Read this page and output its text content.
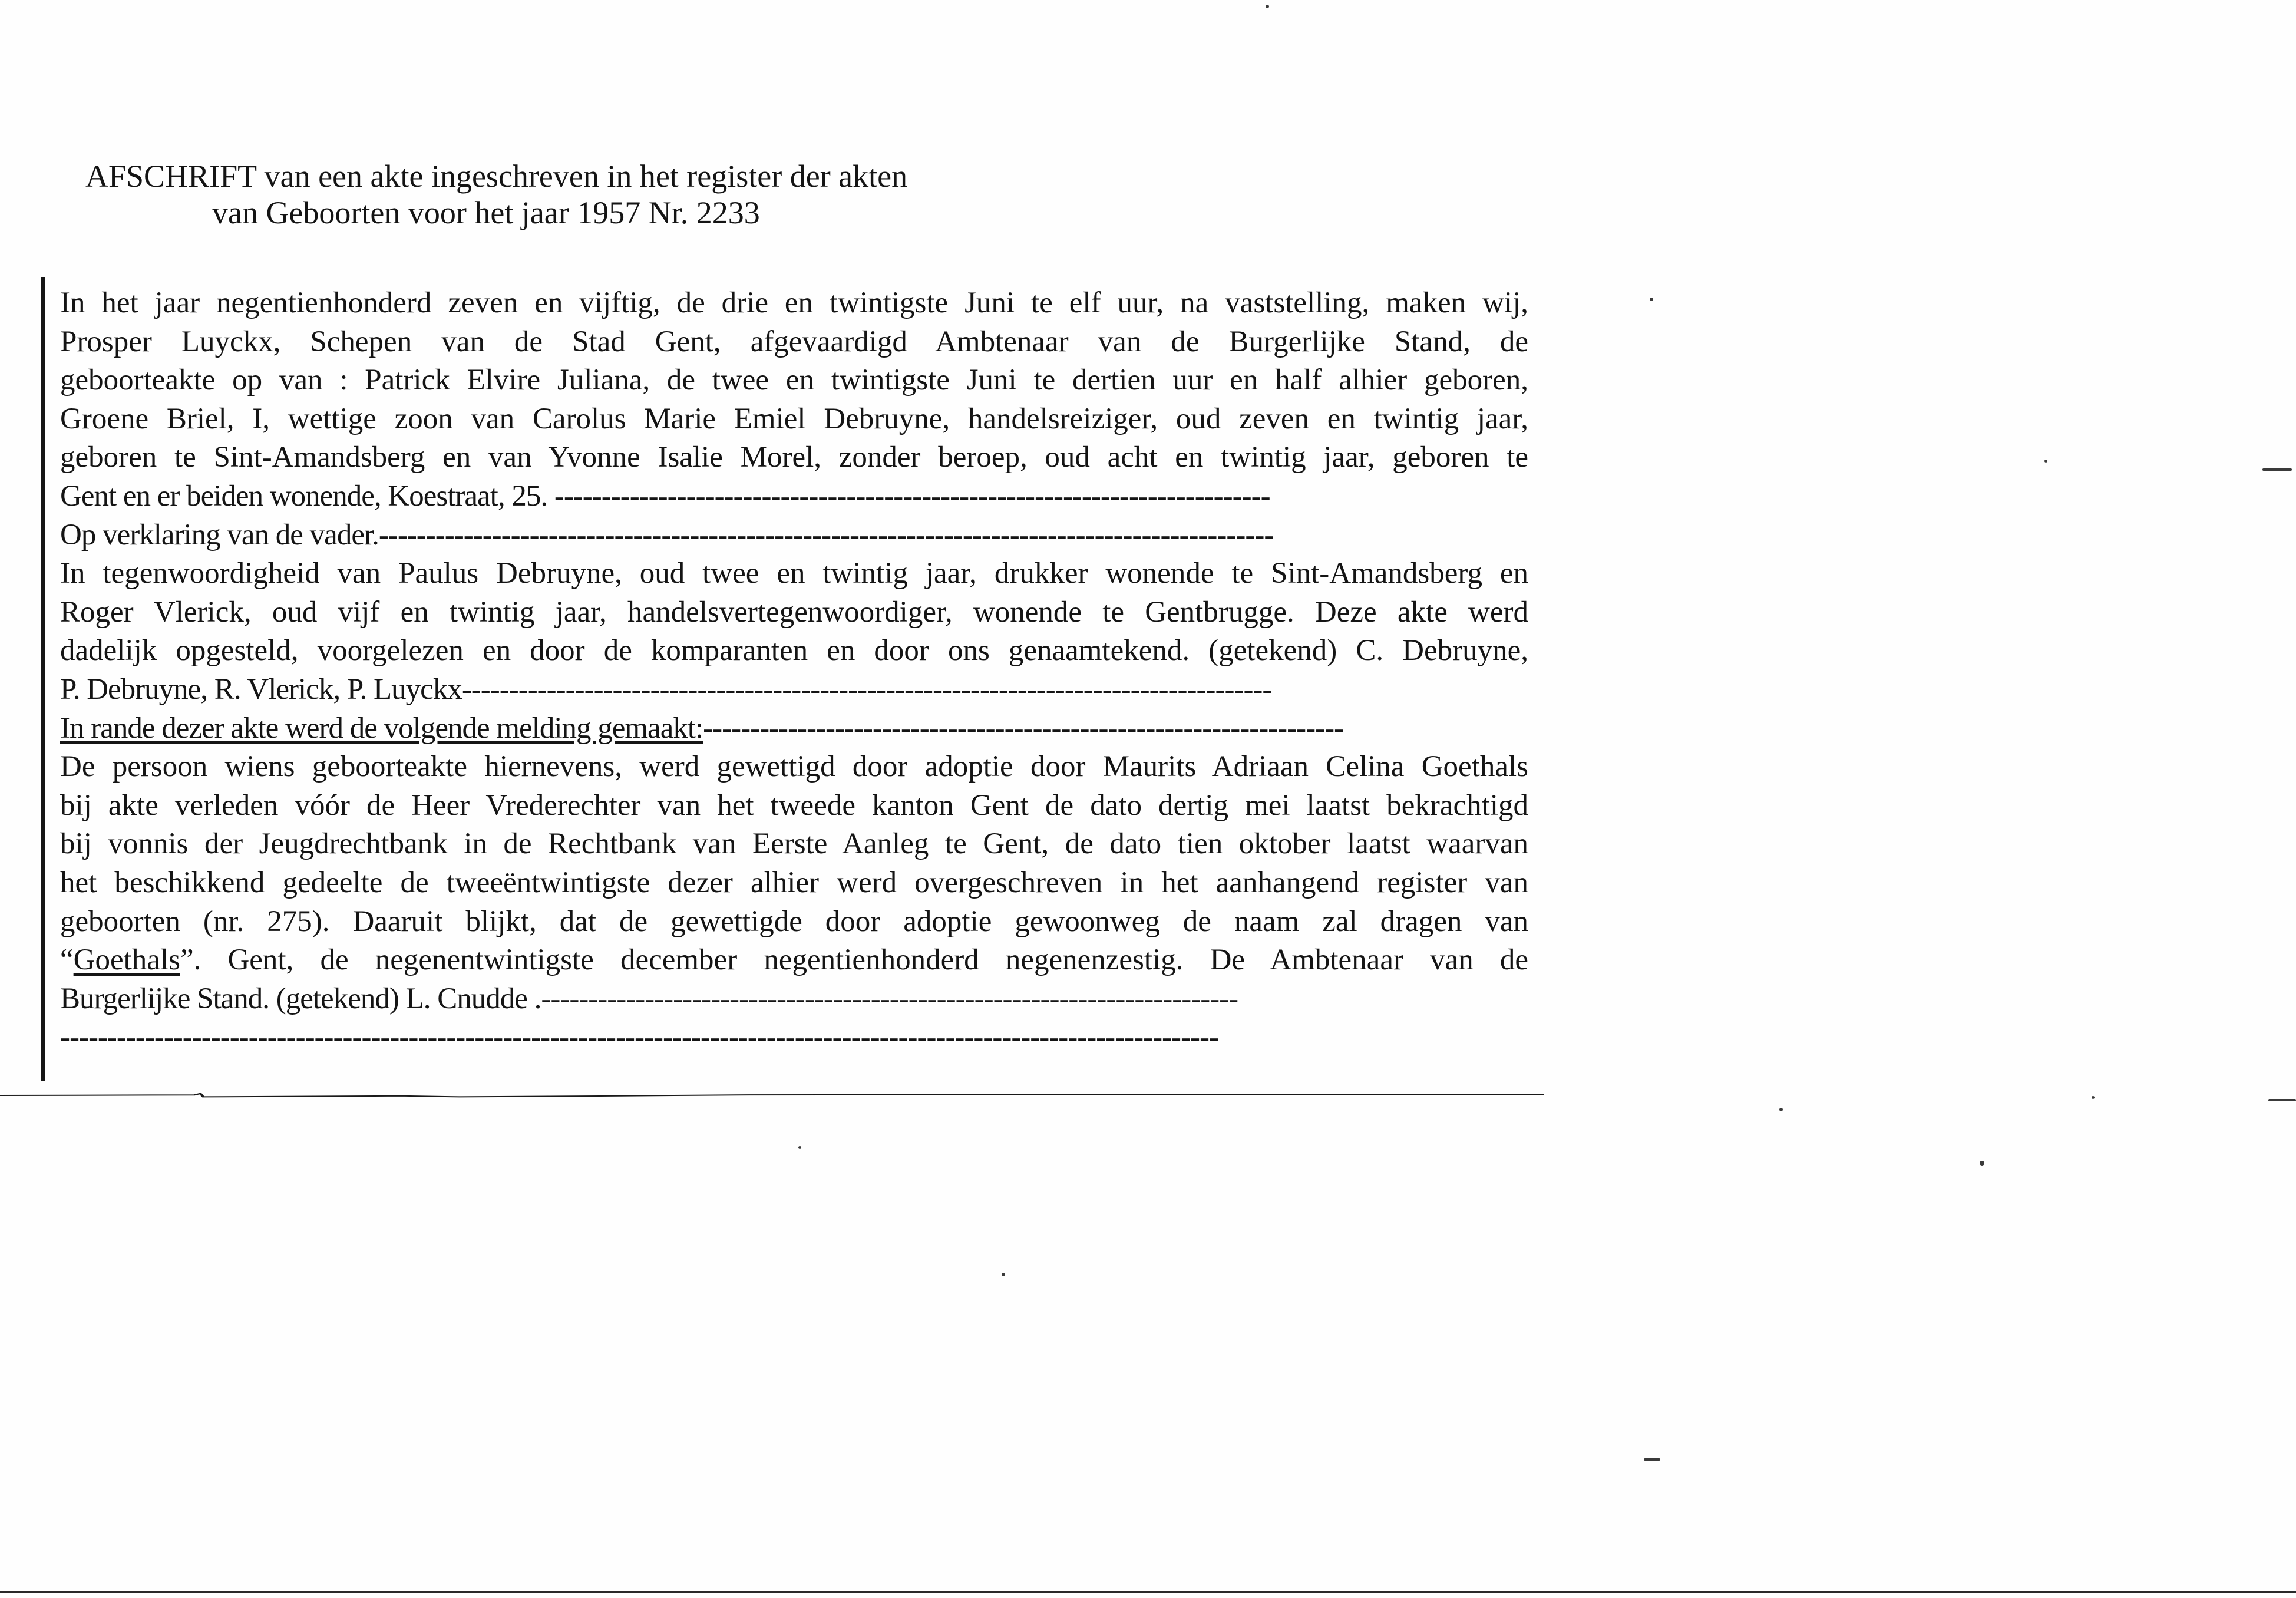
AFSCHRIFT van een akte ingeschreven in het register der akten
van Geboorten voor het jaar 1957 Nr. 2233
In het jaar negentienhonderd zeven en vijftig, de drie en twintigste Juni te elf uur, na vaststelling, maken wij,
Prosper Luyckx, Schepen van de Stad Gent, afgevaardigd Ambtenaar van de Burgerlijke Stand, de
geboorteakte op van : Patrick Elvire Juliana, de twee en twintigste Juni te dertien uur en half alhier geboren,
Groene Briel, I, wettige zoon van Carolus Marie Emiel Debruyne, handelsreiziger, oud zeven en twintig jaar,
geboren te Sint-Amandsberg en van Yvonne Isalie Morel, zonder beroep, oud acht en twintig jaar, geboren te
Gent en er beiden wonende, Koestraat, 25. ----------------------------------------------------------------------------
Op verklaring van de vader.-----------------------------------------------------------------------------------------------
In tegenwoordigheid van Paulus Debruyne, oud twee en twintig jaar, drukker wonende te Sint-Amandsberg en
Roger Vlerick, oud vijf en twintig jaar, handelsvertegenwoordiger, wonende te Gentbrugge. Deze akte werd
dadelijk opgesteld, voorgelezen en door de komparanten en door ons genaamtekend. (getekend) C. Debruyne,
P. Debruyne, R. Vlerick, P. Luyckx--------------------------------------------------------------------------------------
In rande dezer akte werd de volgende melding gemaakt:--------------------------------------------------------------------
De persoon wiens geboorteakte hiernevens, werd gewettigd door adoptie door Maurits Adriaan Celina Goethals
bij akte verleden vóór de Heer Vrederechter van het tweede kanton Gent de dato dertig mei laatst bekrachtigd
bij vonnis der Jeugdrechtbank in de Rechtbank van Eerste Aanleg te Gent, de dato tien oktober laatst waarvan
het beschikkend gedeelte de tweeëntwintigste dezer alhier werd overgeschreven in het aanhangend register van
geboorten (nr. 275). Daaruit blijkt, dat de gewettigde door adoptie gewoonweg de naam zal dragen van
“Goethals”. Gent, de negenentwintigste december negentienhonderd negenenzestig. De Ambtenaar van de
Burgerlijke Stand. (getekend) L. Cnudde .--------------------------------------------------------------------------
---------------------------------------------------------------------------------------------------------------------------
